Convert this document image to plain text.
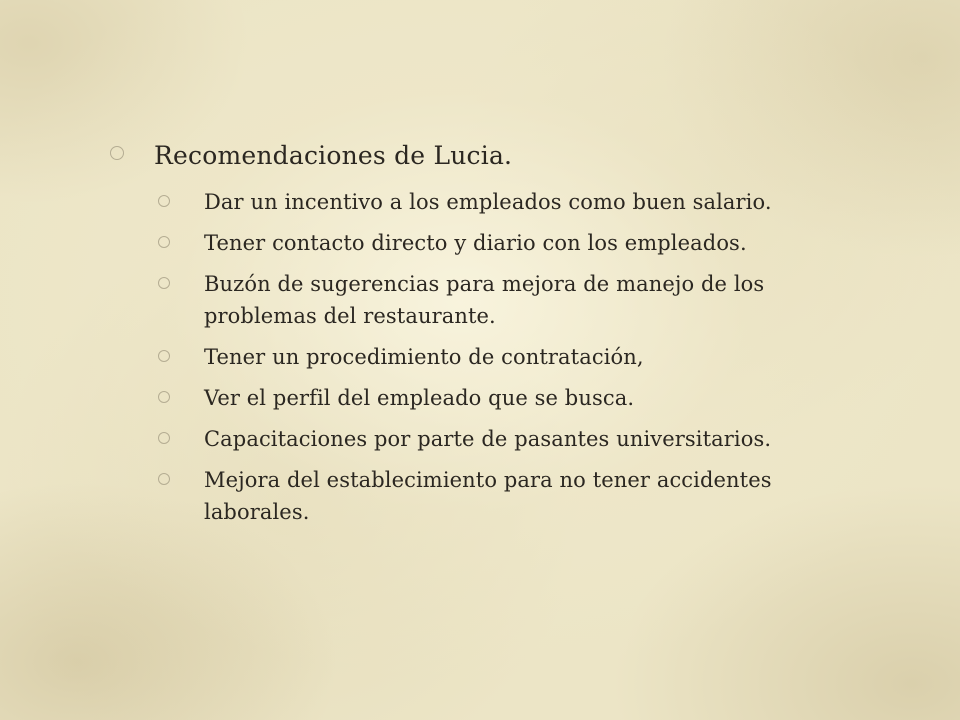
Recomendaciones de Lucia.
Dar un incentivo a los empleados como buen salario.
Tener contacto directo y diario con los empleados.
Buzón de sugerencias para mejora de manejo de los problemas del restaurante.
Tener un procedimiento de contratación,
Ver el perfil del empleado que se busca.
Capacitaciones por parte de pasantes universitarios.
Mejora del establecimiento para no tener accidentes laborales.
